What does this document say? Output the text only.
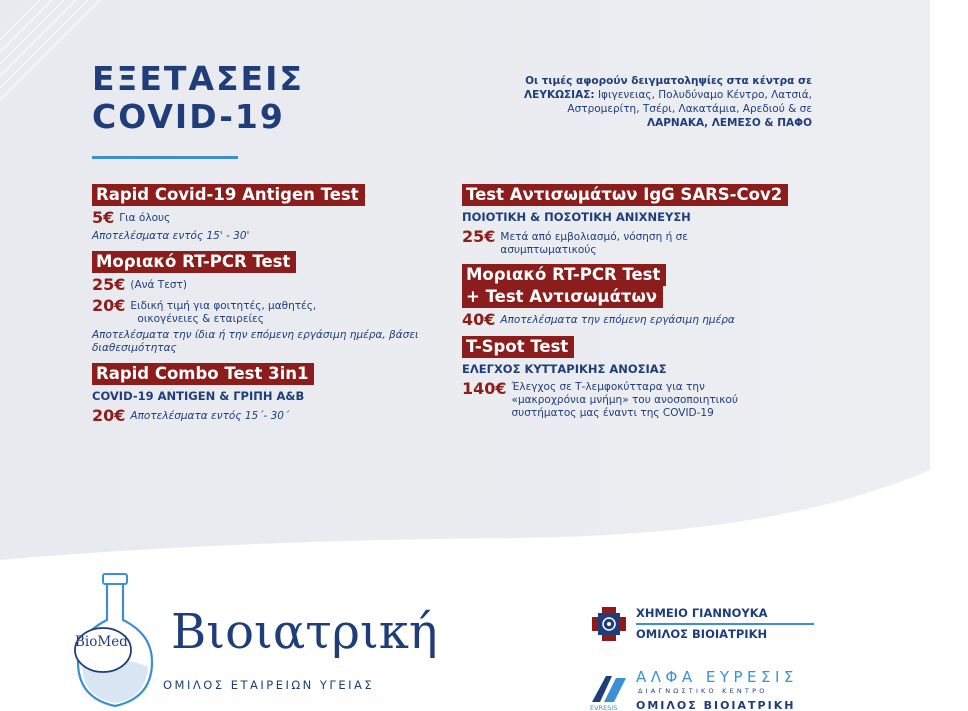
ΕΞΕΤΑΣΕΙΣ
COVID-19
Οι τιμές αφορούν δειγματοληψίες στα κέντρα σε
ΛΕΥΚΩΣΙΑΣ: Ιφιγενειας, Πολυδύναμο Κέντρο, Λατσιά,
Αστρομερίτη, Τσέρι, Λακατάμια, Αρεδιού & σε
ΛΑΡΝΑΚΑ, ΛΕΜΕΣΟ & ΠΑΦΟ
Rapid Covid-19 Antigen Test
5€ Για όλους
Αποτελέσματα εντός 15' - 30'
Μοριακό RT-PCR Test
25€ (Ανά Τεστ)
20€ Ειδική τιμή για φοιτητές, μαθητές,
οικογένειες & εταιρείες
Αποτελέσματα την ίδια ή την επόμενη εργάσιμη ημέρα, βάσει διαθεσιμότητας
Rapid Combo Test 3in1
COVID-19 ANTIGEN & ΓΡΙΠΗ Α&Β
20€ Αποτελέσματα εντός 15΄- 30΄
Test Αντισωμάτων IgG SARS-Cov2
ΠΟΙΟΤΙΚΗ & ΠΟΣΟΤΙΚΗ ΑΝΙΧΝΕΥΣΗ
25€ Μετά από εμβολιασμό, νόσηση ή σε ασυμπτωματικούς
Μοριακό RT-PCR Test
+ Test Αντισωμάτων
40€ Αποτελέσματα την επόμενη εργάσιμη ημέρα
T-Spot Test
ΕΛΕΓΧΟΣ ΚΥΤΤΑΡΙΚΗΣ ΑΝΟΣΙΑΣ
140€ Έλεγχος σε Τ-λεμφοκύτταρα για την «μακροχρόνια μνήμη» του ανοσοποιητικού συστήματος μας έναντι της COVID-19
BioMed Βιοιατρική
ΟΜΙΛΟΣ ΕΤΑΙΡΕΙΩΝ ΥΓΕΙΑΣ
ΧΗΜΕΙΟ ΓΙΑΝΝΟΥΚΑ
ΟΜΙΛΟΣ ΒΙΟΙΑΤΡΙΚΗ
EVRESIS
ΑΛΦΑ ΕΥΡΕΣΙΣ
ΔΙΑΓΝΩΣΤΙΚΟ ΚΕΝΤΡΟ
ΟΜΙΛΟΣ ΒΙΟΙΑΤΡΙΚΗ
